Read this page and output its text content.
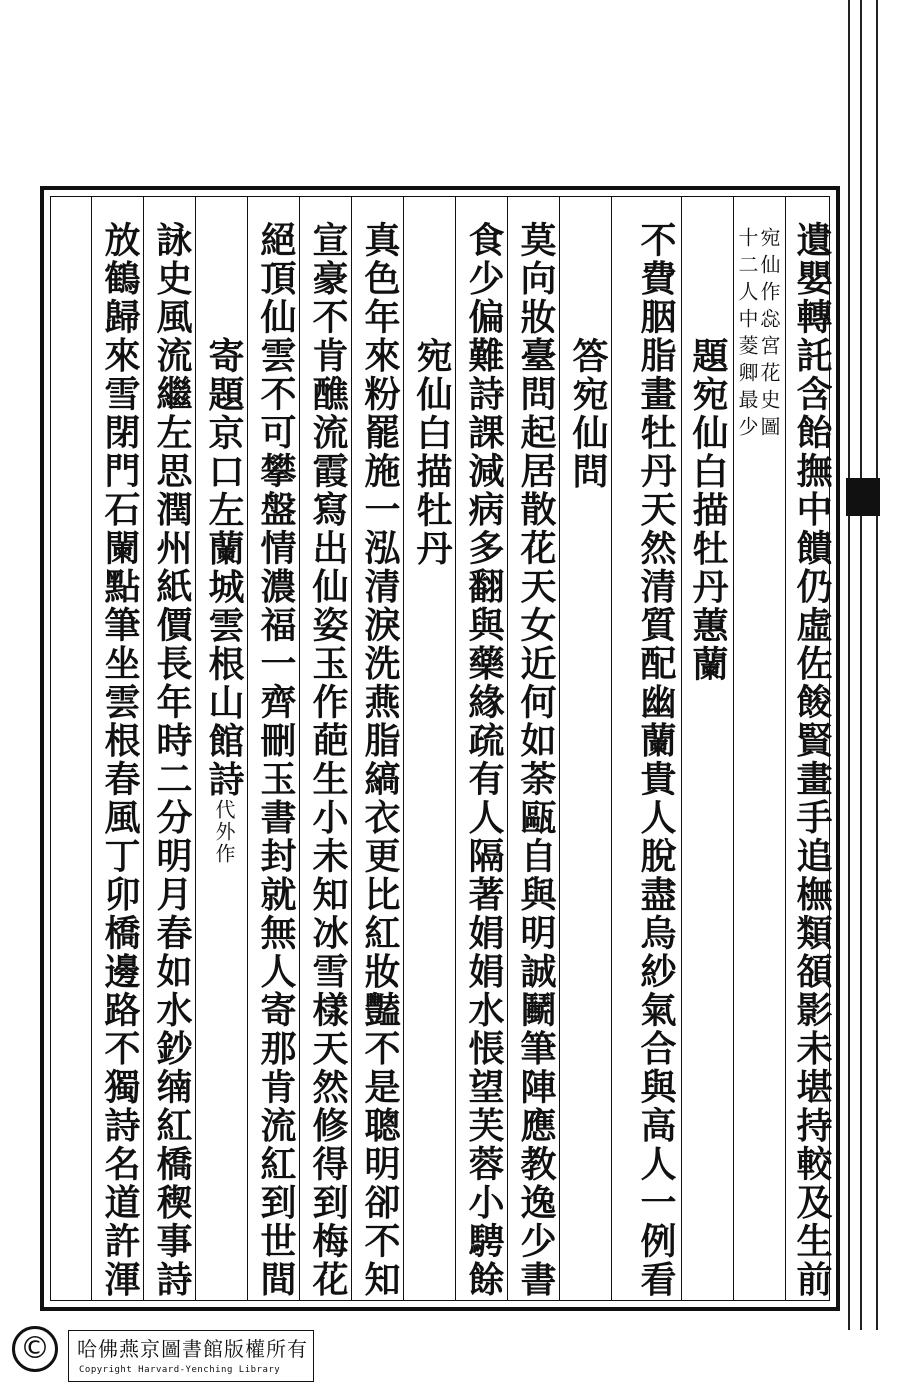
遺嬰轉託含飴撫中饋仍虛佐餕賢畫手追橅類頟影未堪持較及生前
宛仙作惢宮花史圖
十二人中菱卿最少
題宛仙白描牡丹蕙蘭
不費胭脂畫牡丹天然清質配幽蘭貴人脫盡烏紗氣合與高人一例看
答宛仙問
莫向妝臺問起居散花天女近何如荼甌自與明誠鬭筆陣應教逸少書
食少偏難詩課減病多翻與藥緣疏有人隔著娟娟水悵望芙蓉小騁餘
宛仙白描牡丹
真色年來粉罷施一泓清淚洗燕脂縞衣更比紅妝豔不是聰明卻不知
宣豪不肯醮流霞寫出仙姿玉作葩生小未知冰雪樣天然修得到梅花
絕頂仙雲不可攀盤情濃福一齊刪玉書封就無人寄那肯流紅到世間
寄題京口左蘭城雲根山館詩代外作
詠史風流繼左思潤州紙價長年時二分明月春如水鈔䌾紅橋稧事詩
放鶴歸來雪閉門石闌點筆坐雲根春風丁卯橋邊路不獨詩名道許渾
©	哈佛燕京圖書館版權所有
Copyright Harvard-Yenching Library
